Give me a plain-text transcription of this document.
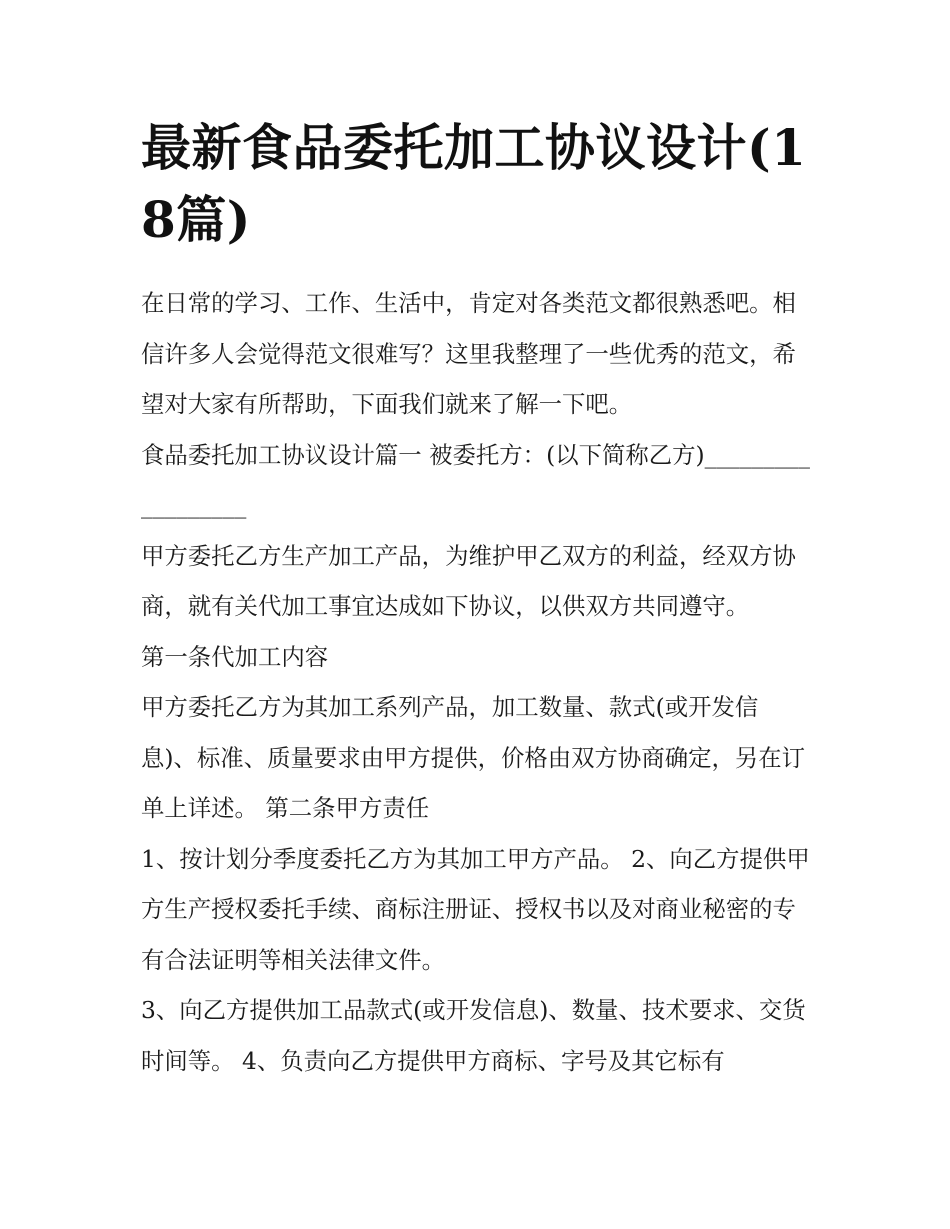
最新食品委托加工协议设计(18篇)

在日常的学习、工作、生活中，肯定对各类范文都很熟悉吧。相信许多人会觉得范文很难写？这里我整理了一些优秀的范文，希望对大家有所帮助，下面我们就来了解一下吧。

食品委托加工协议设计篇一 被委托方：(以下简称乙方)__________________

甲方委托乙方生产加工产品，为维护甲乙双方的利益，经双方协商，就有关代加工事宜达成如下协议，以供双方共同遵守。

第一条代加工内容

甲方委托乙方为其加工系列产品，加工数量、款式(或开发信息)、标准、质量要求由甲方提供，价格由双方协商确定，另在订单上详述。 第二条甲方责任

1、按计划分季度委托乙方为其加工甲方产品。 2、向乙方提供甲方生产授权委托手续、商标注册证、授权书以及对商业秘密的专有合法证明等相关法律文件。

3、向乙方提供加工品款式(或开发信息)、数量、技术要求、交货时间等。 4、负责向乙方提供甲方商标、字号及其它标有
